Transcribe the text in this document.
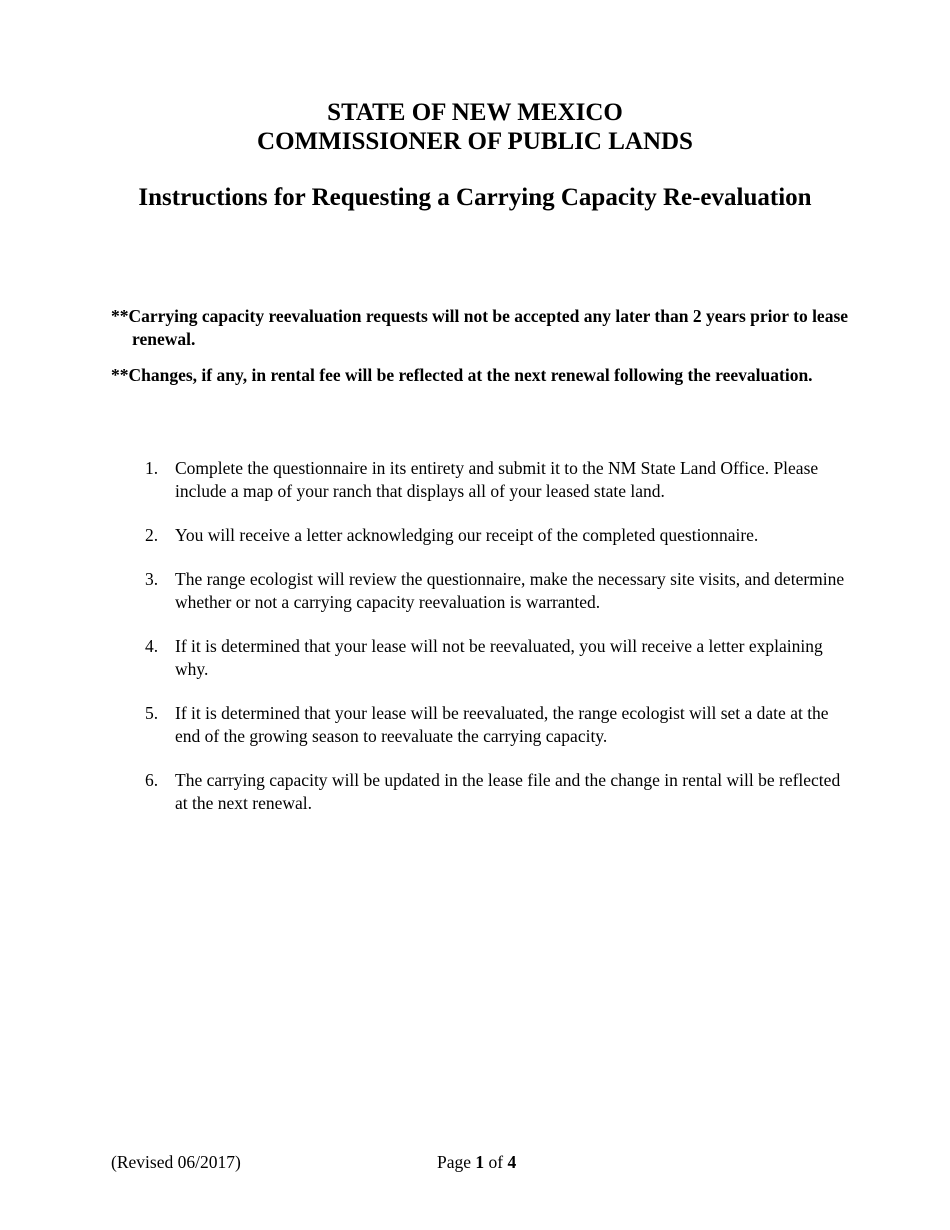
STATE OF NEW MEXICO
COMMISSIONER OF PUBLIC LANDS
Instructions for Requesting a Carrying Capacity Re-evaluation

**Carrying capacity reevaluation requests will not be accepted any later than 2 years prior to lease renewal.

**Changes, if any, in rental fee will be reflected at the next renewal following the reevaluation.

1. Complete the questionnaire in its entirety and submit it to the NM State Land Office. Please include a map of your ranch that displays all of your leased state land.
2. You will receive a letter acknowledging our receipt of the completed questionnaire.
3. The range ecologist will review the questionnaire, make the necessary site visits, and determine whether or not a carrying capacity reevaluation is warranted.
4. If it is determined that your lease will not be reevaluated, you will receive a letter explaining why.
5. If it is determined that your lease will be reevaluated, the range ecologist will set a date at the end of the growing season to reevaluate the carrying capacity.
6. The carrying capacity will be updated in the lease file and the change in rental will be reflected at the next renewal.
(Revised 06/2017)	Page 1 of 4
